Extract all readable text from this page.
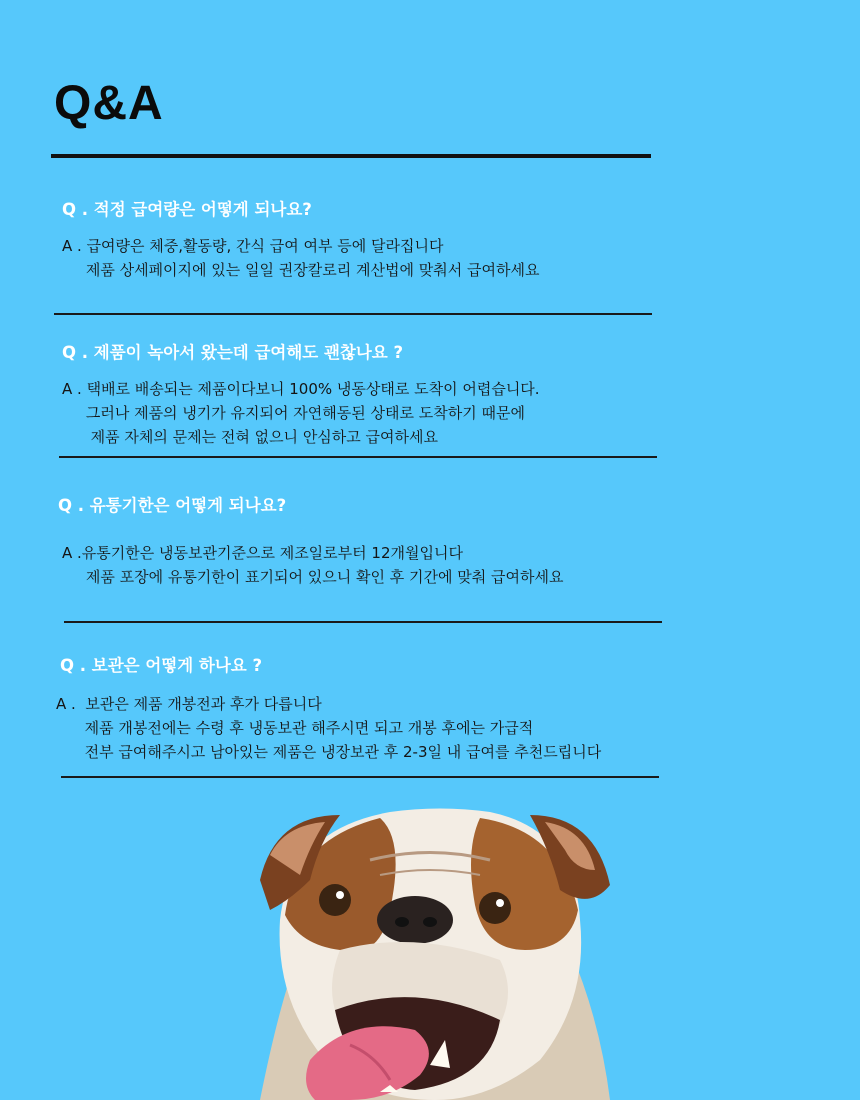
Q&A

Q . 적정 급여량은 어떻게 되나요?

A . 급여량은 체중,활동량, 간식 급여 여부 등에 달라집니다
제품 상세페이지에 있는 일일 권장칼로리 계산법에 맞춰서 급여하세요

Q . 제품이 녹아서 왔는데 급여해도 괜찮나요 ?

A . 택배로 배송되는 제품이다보니 100% 냉동상태로 도착이 어렵습니다.
그러나 제품의 냉기가 유지되어 자연해동된 상태로 도착하기 때문에
제품 자체의 문제는 전혀 없으니 안심하고 급여하세요

Q . 유통기한은 어떻게 되나요?

A .유통기한은 냉동보관기준으로 제조일로부터 12개월입니다
제품 포장에 유통기한이 표기되어 있으니 확인 후 기간에 맞춰 급여하세요

Q . 보관은 어떻게 하나요 ?

A .  보관은 제품 개봉전과 후가 다릅니다
제품 개봉전에는 수령 후 냉동보관 해주시면 되고 개봉 후에는 가급적
전부 급여해주시고 남아있는 제품은 냉장보관 후 2-3일 내 급여를 추천드립니다
